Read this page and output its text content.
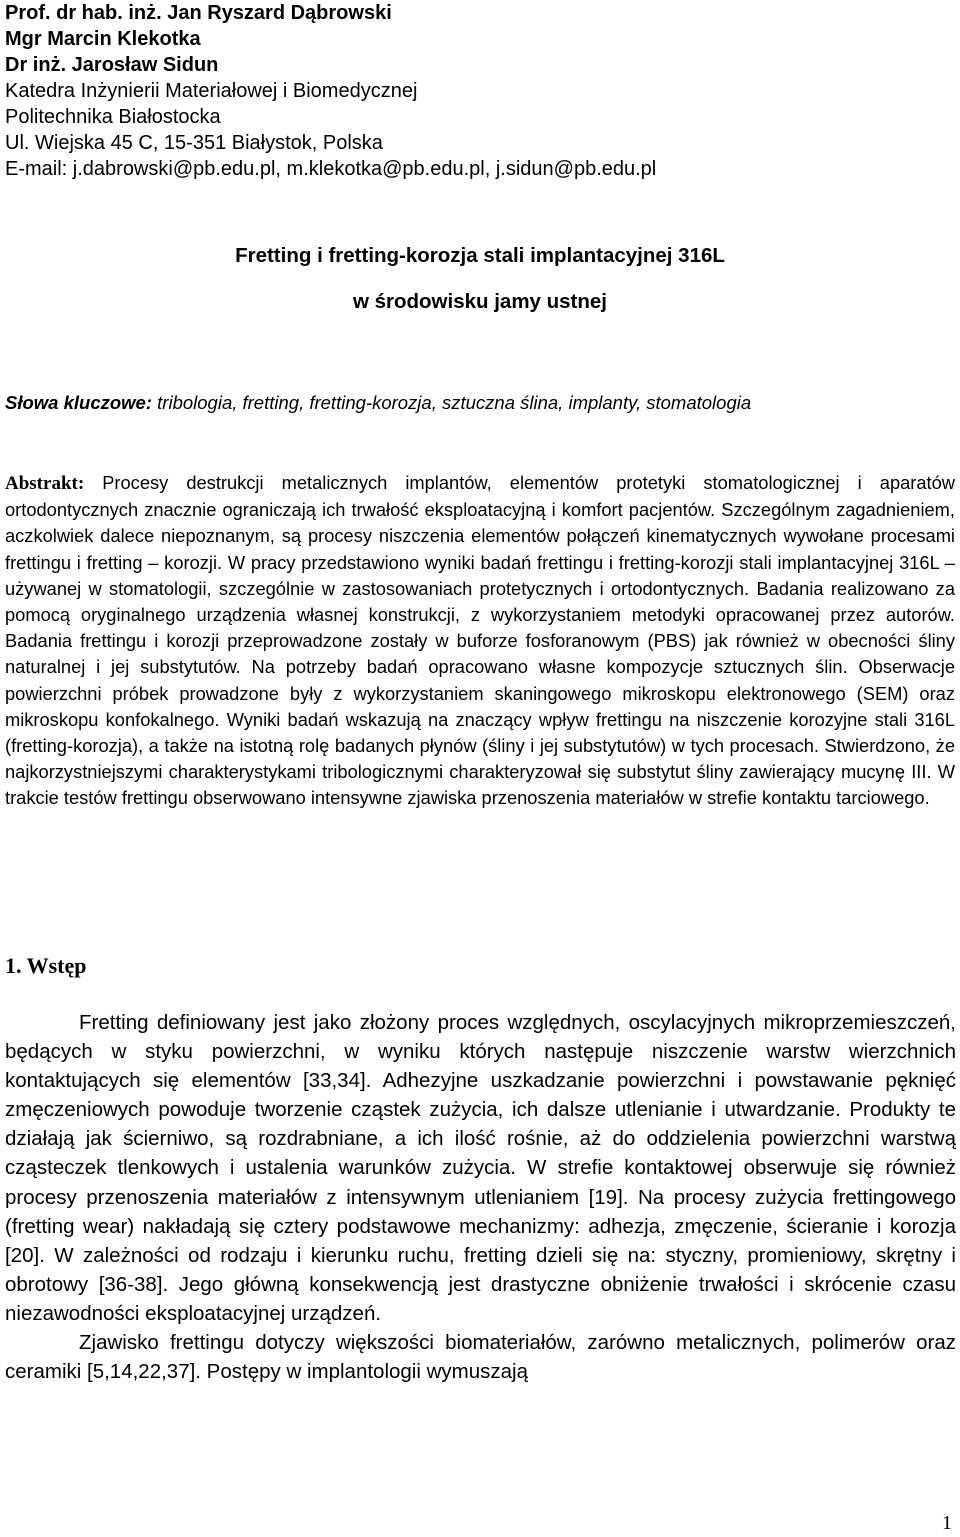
Prof. dr hab. inż. Jan Ryszard Dąbrowski
Mgr Marcin Klekotka
Dr inż. Jarosław Sidun
Katedra Inżynierii Materiałowej i Biomedycznej
Politechnika Białostocka
Ul. Wiejska 45 C, 15-351 Białystok, Polska
E-mail: j.dabrowski@pb.edu.pl, m.klekotka@pb.edu.pl, j.sidun@pb.edu.pl
Fretting i fretting-korozja stali implantacyjnej 316L
w środowisku jamy ustnej
Słowa kluczowe: tribologia, fretting, fretting-korozja, sztuczna ślina, implanty, stomatologia

Abstrakt: Procesy destrukcji metalicznych implantów, elementów protetyki stomatologicznej i aparatów ortodontycznych znacznie ograniczają ich trwałość eksploatacyjną i komfort pacjentów. Szczególnym zagadnieniem, aczkolwiek dalece niepoznanym, są procesy niszczenia elementów połączeń kinematycznych wywołane procesami frettingu i fretting – korozji. W pracy przedstawiono wyniki badań frettingu i fretting-korozji stali implantacyjnej 316L – używanej w stomatologii, szczególnie w zastosowaniach protetycznych i ortodontycznych. Badania realizowano za pomocą oryginalnego urządzenia własnej konstrukcji, z wykorzystaniem metodyki opracowanej przez autorów. Badania frettingu i korozji przeprowadzone zostały w buforze fosforanowym (PBS) jak również w obecności śliny naturalnej i jej substytutów. Na potrzeby badań opracowano własne kompozycje sztucznych ślin. Obserwacje powierzchni próbek prowadzone były z wykorzystaniem skaningowego mikroskopu elektronowego (SEM) oraz mikroskopu konfokalnego. Wyniki badań wskazują na znaczący wpływ frettingu na niszczenie korozyjne stali 316L (fretting-korozja), a także na istotną rolę badanych płynów (śliny i jej substytutów) w tych procesach. Stwierdzono, że najkorzystniejszymi charakterystykami tribologicznymi charakteryzował się substytut śliny zawierający mucynę III. W trakcie testów frettingu obserwowano intensywne zjawiska przenoszenia materiałów w strefie kontaktu tarciowego.

1. Wstęp

Fretting definiowany jest jako złożony proces względnych, oscylacyjnych mikroprzemieszczeń, będących w styku powierzchni, w wyniku których następuje niszczenie warstw wierzchnich kontaktujących się elementów [33,34]. Adhezyjne uszkadzanie powierzchni i powstawanie pęknięć zmęczeniowych powoduje tworzenie cząstek zużycia, ich dalsze utlenianie i utwardzanie. Produkty te działają jak ścierniwo, są rozdrabniane, a ich ilość rośnie, aż do oddzielenia powierzchni warstwą cząsteczek tlenkowych i ustalenia warunków zużycia. W strefie kontaktowej obserwuje się również procesy przenoszenia materiałów z intensywnym utlenianiem [19]. Na procesy zużycia frettingowego (fretting wear) nakładają się cztery podstawowe mechanizmy: adhezja, zmęczenie, ścieranie i korozja [20]. W zależności od rodzaju i kierunku ruchu, fretting dzieli się na: styczny, promieniowy, skrętny i obrotowy [36-38]. Jego główną konsekwencją jest drastyczne obniżenie trwałości i skrócenie czasu niezawodności eksploatacyjnej urządzeń.

Zjawisko frettingu dotyczy większości biomateriałów, zarówno metalicznych, polimerów oraz ceramiki [5,14,22,37]. Postępy w implantologii wymuszają

1
